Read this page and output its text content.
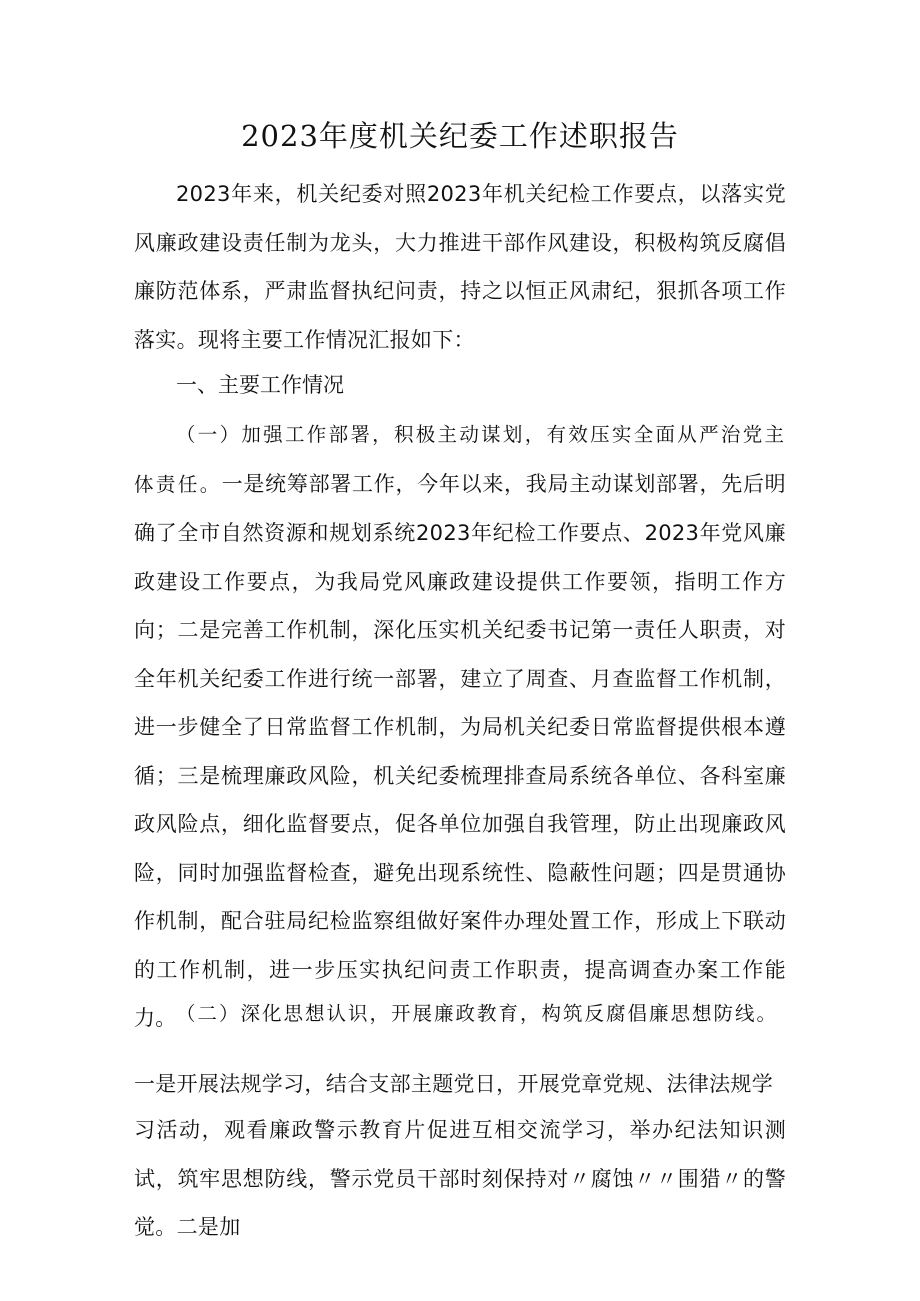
2023年度机关纪委工作述职报告

2023年来，机关纪委对照2023年机关纪检工作要点，以落实党风廉政建设责任制为龙头，大力推进干部作风建设，积极构筑反腐倡廉防范体系，严肃监督执纪问责，持之以恒正风肃纪，狠抓各项工作落实。现将主要工作情况汇报如下：

一、主要工作情况

（一）加强工作部署，积极主动谋划，有效压实全面从严治党主体责任。一是统筹部署工作，今年以来，我局主动谋划部署，先后明确了全市自然资源和规划系统2023年纪检工作要点、2023年党风廉政建设工作要点，为我局党风廉政建设提供工作要领，指明工作方向；二是完善工作机制，深化压实机关纪委书记第一责任人职责，对全年机关纪委工作进行统一部署，建立了周查、月查监督工作机制，进一步健全了日常监督工作机制，为局机关纪委日常监督提供根本遵循；三是梳理廉政风险，机关纪委梳理排查局系统各单位、各科室廉政风险点，细化监督要点，促各单位加强自我管理，防止出现廉政风险，同时加强监督检查，避免出现系统性、隐蔽性问题；四是贯通协作机制，配合驻局纪检监察组做好案件办理处置工作，形成上下联动的工作机制，进一步压实执纪问责工作职责，提高调查办案工作能力。 （二）深化思想认识，开展廉政教育，构筑反腐倡廉思想防线。

一是开展法规学习，结合支部主题党日，开展党章党规、法律法规学

习活动，观看廉政警示教育片促进互相交流学习，举办纪法知识测试，筑牢思想防线，警示党员干部时刻保持对〃腐蚀〃〃围猎〃的警觉。二是加
